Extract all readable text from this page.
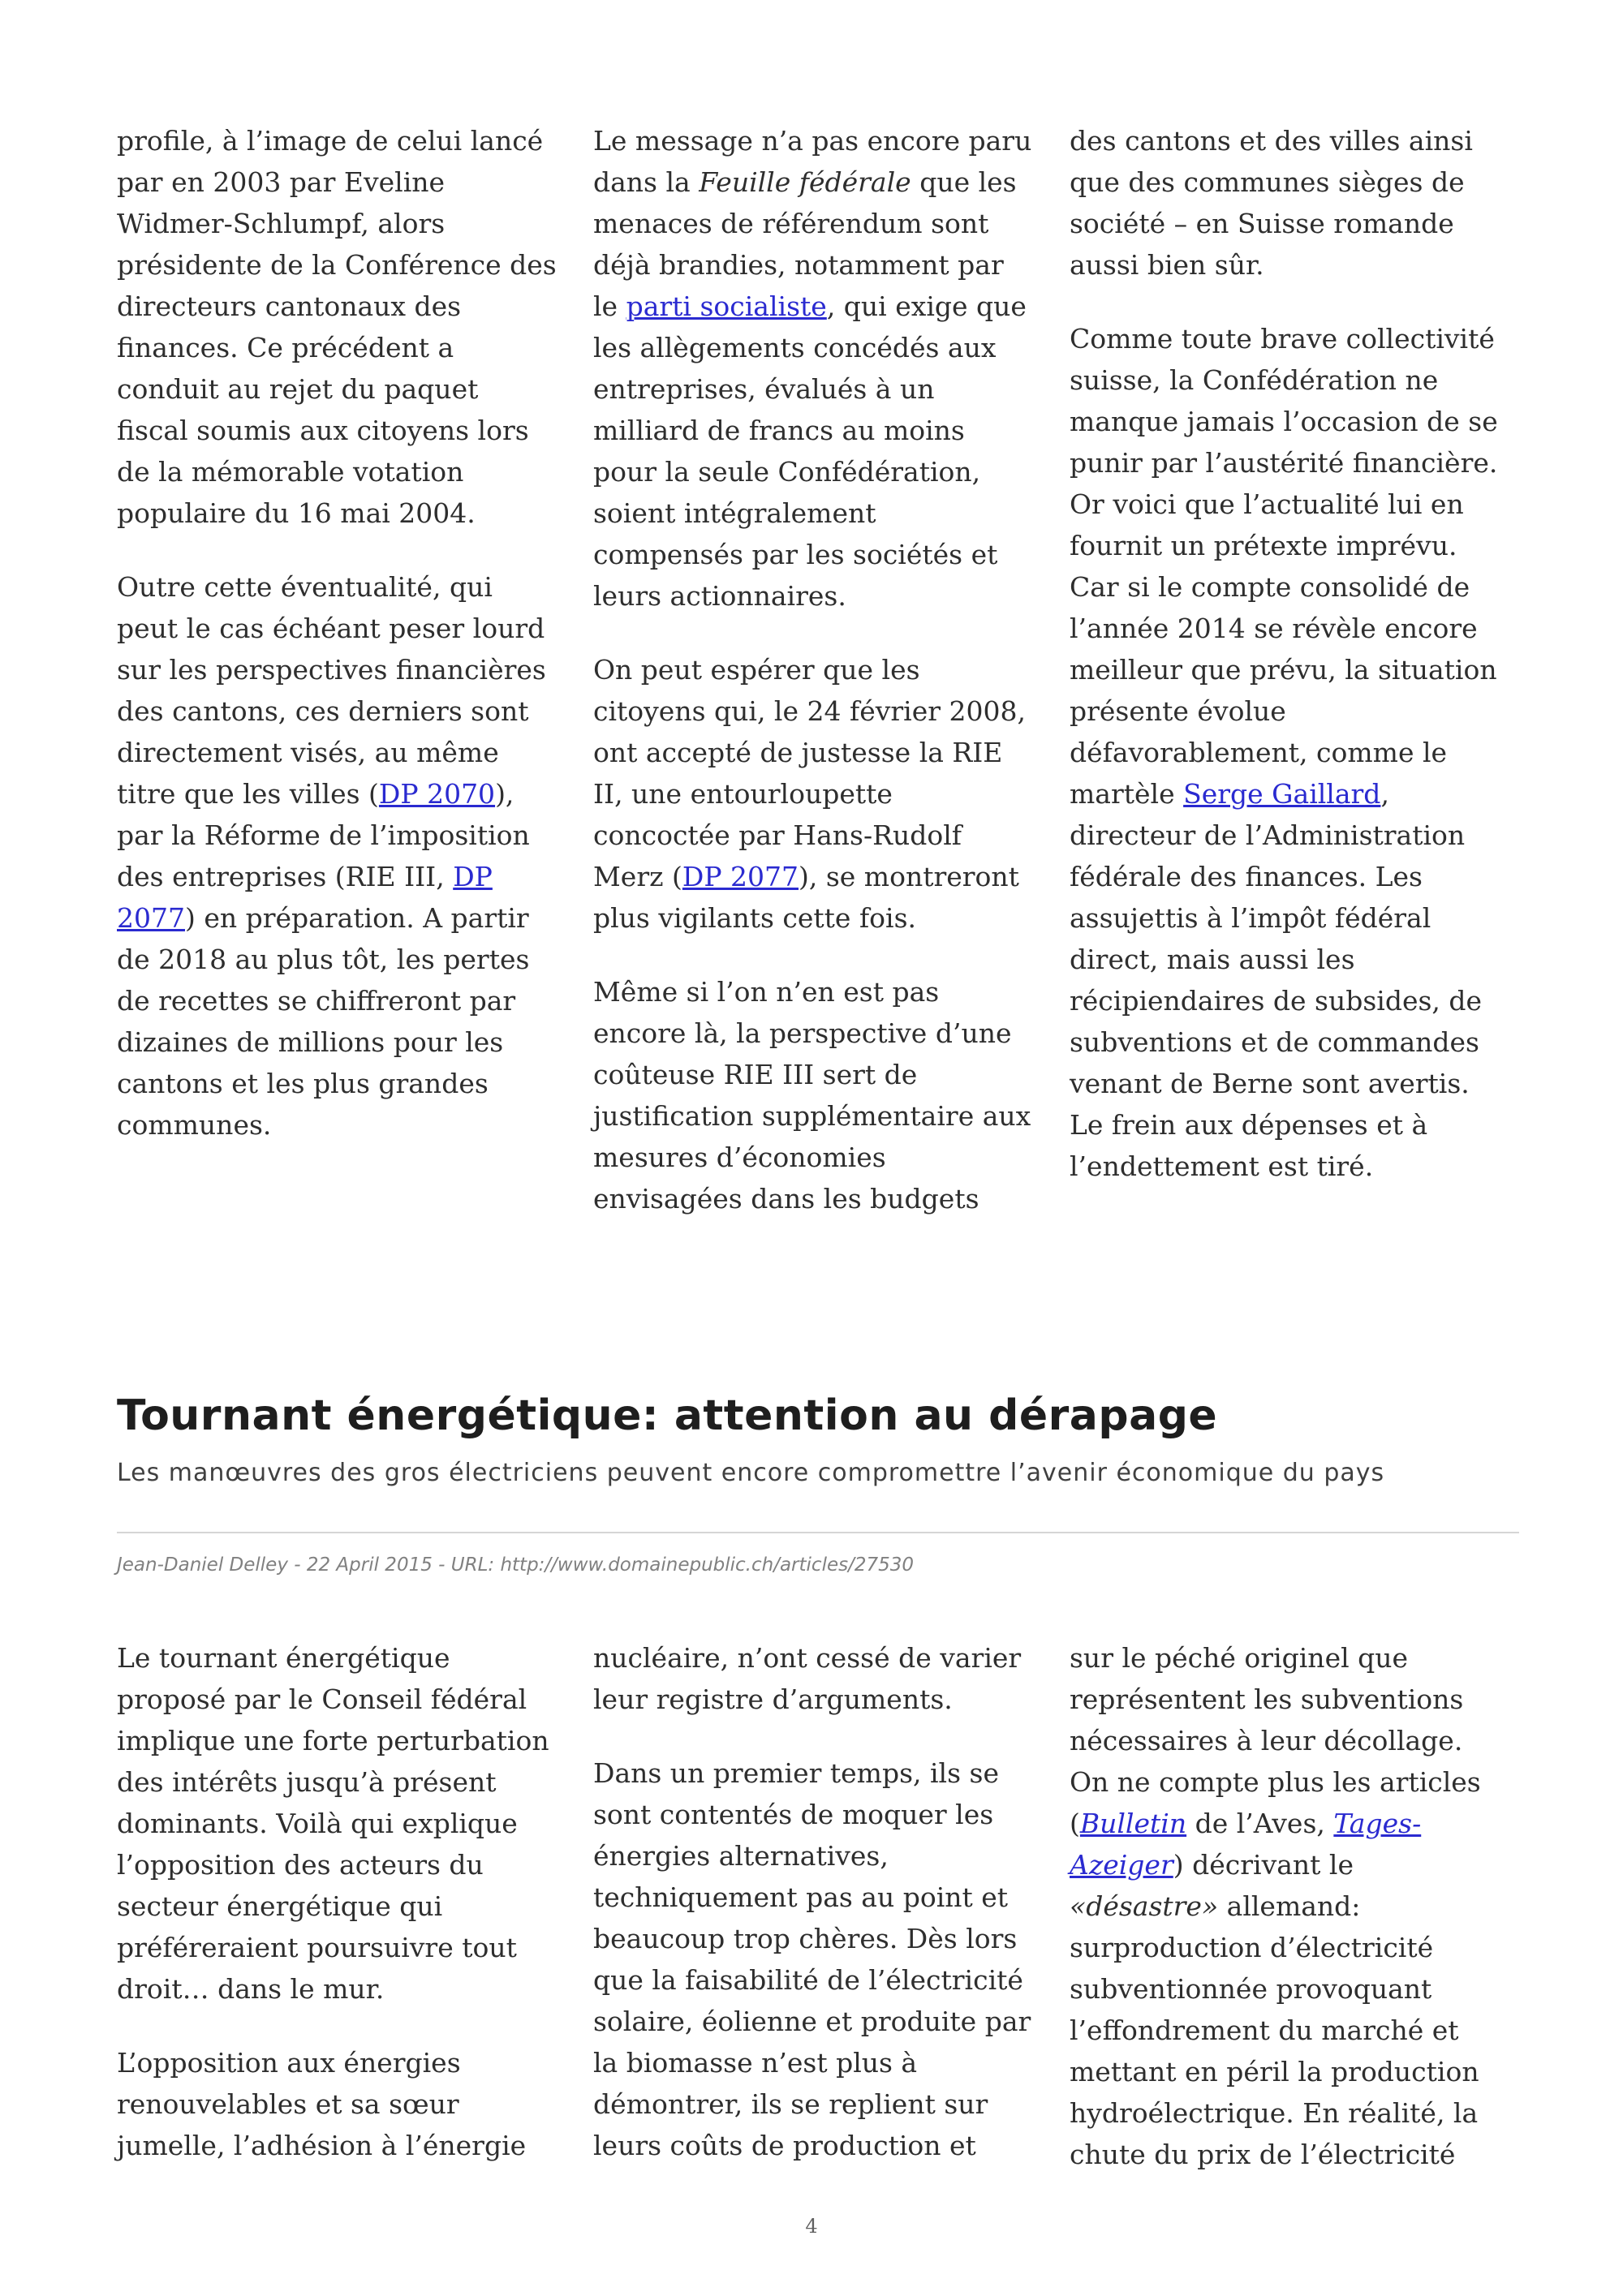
profile, à l’image de celui lancé par en 2003 par Eveline Widmer-Schlumpf, alors présidente de la Conférence des directeurs cantonaux des finances. Ce précédent a conduit au rejet du paquet fiscal soumis aux citoyens lors de la mémorable votation populaire du 16 mai 2004.

Outre cette éventualité, qui peut le cas échéant peser lourd sur les perspectives financières des cantons, ces derniers sont directement visés, au même titre que les villes (DP 2070), par la Réforme de l’imposition des entreprises (RIE III, DP 2077) en préparation. A partir de 2018 au plus tôt, les pertes de recettes se chiffreront par dizaines de millions pour les cantons et les plus grandes communes.

Le message n’a pas encore paru dans la Feuille fédérale que les menaces de référendum sont déjà brandies, notamment par le parti socialiste, qui exige que les allègements concédés aux entreprises, évalués à un milliard de francs au moins pour la seule Confédération, soient intégralement compensés par les sociétés et leurs actionnaires.

On peut espérer que les citoyens qui, le 24 février 2008, ont accepté de justesse la RIE II, une entourloupette concoctée par Hans-Rudolf Merz (DP 2077), se montreront plus vigilants cette fois.

Même si l’on n’en est pas encore là, la perspective d’une coûteuse RIE III sert de justification supplémentaire aux mesures d’économies envisagées dans les budgets

des cantons et des villes ainsi que des communes sièges de société – en Suisse romande aussi bien sûr.

Comme toute brave collectivité suisse, la Confédération ne manque jamais l’occasion de se punir par l’austérité financière. Or voici que l’actualité lui en fournit un prétexte imprévu. Car si le compte consolidé de l’année 2014 se révèle encore meilleur que prévu, la situation présente évolue défavorablement, comme le martèle Serge Gaillard, directeur de l’Administration fédérale des finances. Les assujettis à l’impôt fédéral direct, mais aussi les récipiendaires de subsides, de subventions et de commandes venant de Berne sont avertis. Le frein aux dépenses et à l’endettement est tiré.

Tournant énergétique: attention au dérapage
Les manœuvres des gros électriciens peuvent encore compromettre l’avenir économique du pays
Jean-Daniel Delley - 22 April 2015 - URL: http://www.domainepublic.ch/articles/27530

Le tournant énergétique proposé par le Conseil fédéral implique une forte perturbation des intérêts jusqu’à présent dominants. Voilà qui explique l’opposition des acteurs du secteur énergétique qui préféreraient poursuivre tout droit… dans le mur.

L’opposition aux énergies renouvelables et sa sœur jumelle, l’adhésion à l’énergie

nucléaire, n’ont cessé de varier leur registre d’arguments.

Dans un premier temps, ils se sont contentés de moquer les énergies alternatives, techniquement pas au point et beaucoup trop chères. Dès lors que la faisabilité de l’électricité solaire, éolienne et produite par la biomasse n’est plus à démontrer, ils se replient sur leurs coûts de production et

sur le péché originel que représentent les subventions nécessaires à leur décollage. On ne compte plus les articles (Bulletin de l’Aves, Tages-Azeiger) décrivant le «désastre» allemand: surproduction d’électricité subventionnée provoquant l’effondrement du marché et mettant en péril la production hydroélectrique. En réalité, la chute du prix de l’électricité

4
